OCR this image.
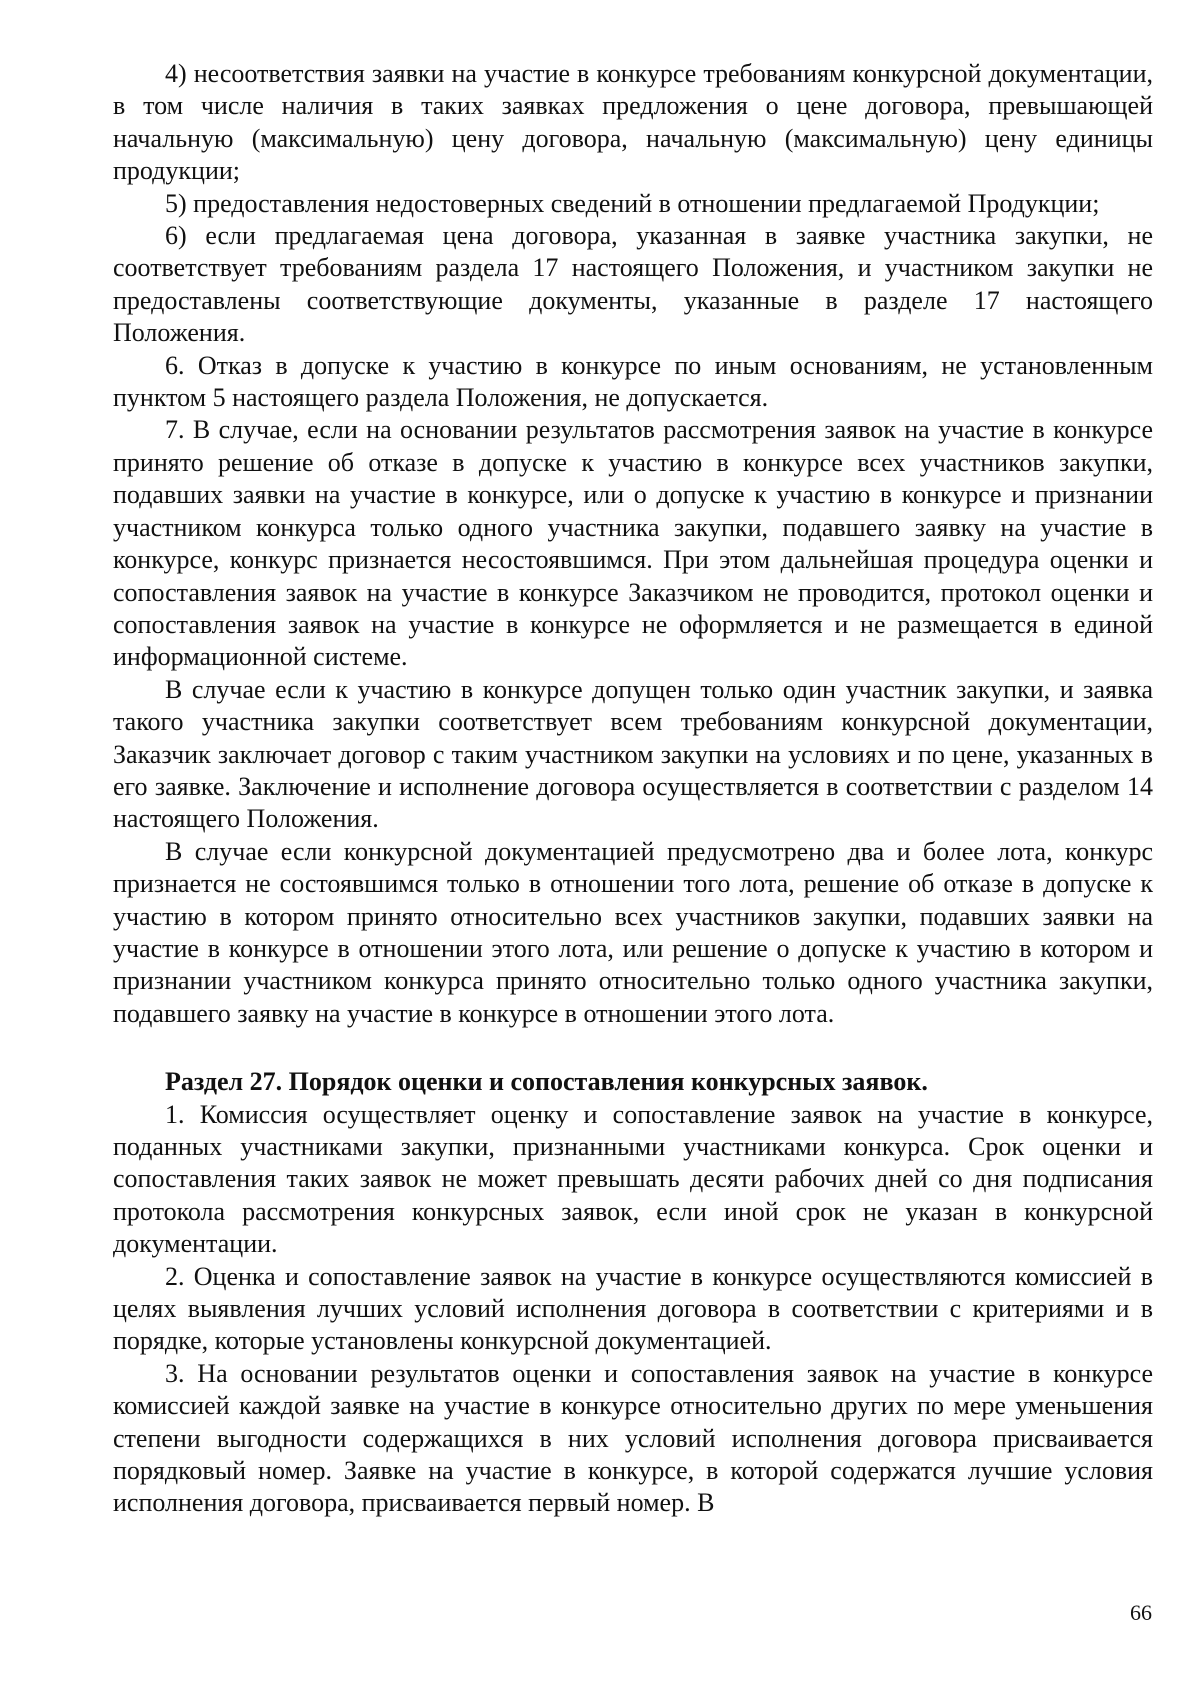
4) несоответствия заявки на участие в конкурсе требованиям конкурсной документации, в том числе наличия в таких заявках предложения о цене договора, превышающей начальную (максимальную) цену договора, начальную (максимальную) цену единицы продукции;

5) предоставления недостоверных сведений в отношении предлагаемой Продукции;

6) если предлагаемая цена договора, указанная в заявке участника закупки, не соответствует требованиям раздела 17 настоящего Положения, и участником закупки не предоставлены соответствующие документы, указанные в разделе 17 настоящего Положения.

6. Отказ в допуске к участию в конкурсе по иным основаниям, не установленным пунктом 5 настоящего раздела Положения, не допускается.

7. В случае, если на основании результатов рассмотрения заявок на участие в конкурсе принято решение об отказе в допуске к участию в конкурсе всех участников закупки, подавших заявки на участие в конкурсе, или о допуске к участию в конкурсе и признании участником конкурса только одного участника закупки, подавшего заявку на участие в конкурсе, конкурс признается несостоявшимся. При этом дальнейшая процедура оценки и сопоставления заявок на участие в конкурсе Заказчиком не проводится, протокол оценки и сопоставления заявок на участие в конкурсе не оформляется и не размещается в единой информационной системе.

В случае если к участию в конкурсе допущен только один участник закупки, и заявка такого участника закупки соответствует всем требованиям конкурсной документации, Заказчик заключает договор с таким участником закупки на условиях и по цене, указанных в его заявке. Заключение и исполнение договора осуществляется в соответствии с разделом 14 настоящего Положения.

В случае если конкурсной документацией предусмотрено два и более лота, конкурс признается не состоявшимся только в отношении того лота, решение об отказе в допуске к участию в котором принято относительно всех участников закупки, подавших заявки на участие в конкурсе в отношении этого лота, или решение о допуске к участию в котором и признании участником конкурса принято относительно только одного участника закупки, подавшего заявку на участие в конкурсе в отношении этого лота.

Раздел 27. Порядок оценки и сопоставления конкурсных заявок.

1. Комиссия осуществляет оценку и сопоставление заявок на участие в конкурсе, поданных участниками закупки, признанными участниками конкурса. Срок оценки и сопоставления таких заявок не может превышать десяти рабочих дней со дня подписания протокола рассмотрения конкурсных заявок, если иной срок не указан в конкурсной документации.

2. Оценка и сопоставление заявок на участие в конкурсе осуществляются комиссией в целях выявления лучших условий исполнения договора в соответствии с критериями и в порядке, которые установлены конкурсной документацией.

3. На основании результатов оценки и сопоставления заявок на участие в конкурсе комиссией каждой заявке на участие в конкурсе относительно других по мере уменьшения степени выгодности содержащихся в них условий исполнения договора присваивается порядковый номер. Заявке на участие в конкурсе, в которой содержатся лучшие условия исполнения договора, присваивается первый номер. В

66
